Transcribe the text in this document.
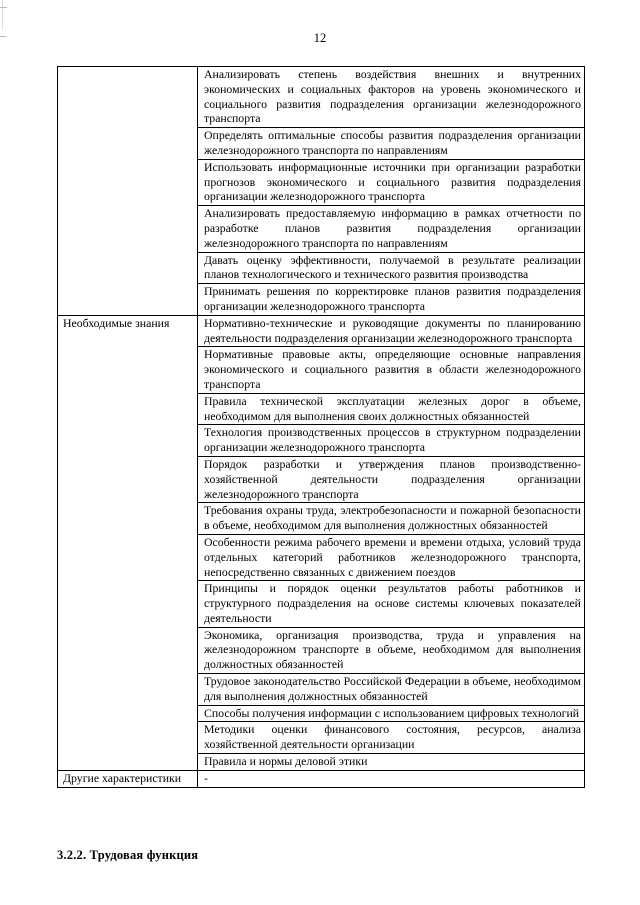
12
	Анализировать степень воздействия внешних и внутренних экономических и социальных факторов на уровень экономического и социального развития подразделения организации железнодорожного транспорта
	Определять оптимальные способы развития подразделения организации железнодорожного транспорта по направлениям
	Использовать информационные источники при организации разработки прогнозов экономического и социального развития подразделения организации железнодорожного транспорта
	Анализировать предоставляемую информацию в рамках отчетности по разработке планов развития подразделения организации железнодорожного транспорта по направлениям
	Давать оценку эффективности, получаемой в результате реализации планов технологического и технического развития производства
	Принимать решения по корректировке планов развития подразделения организации железнодорожного транспорта
Необходимые знания	Нормативно-технические и руководящие документы по планированию деятельности подразделения организации железнодорожного транспорта
	Нормативные правовые акты, определяющие основные направления экономического и социального развития в области железнодорожного транспорта
	Правила технической эксплуатации железных дорог в объеме, необходимом для выполнения своих должностных обязанностей
	Технология производственных процессов в структурном подразделении организации железнодорожного транспорта
	Порядок разработки и утверждения планов производственно-хозяйственной деятельности подразделения организации железнодорожного транспорта
	Требования охраны труда, электробезопасности и пожарной безопасности в объеме, необходимом для выполнения должностных обязанностей
	Особенности режима рабочего времени и времени отдыха, условий труда отдельных категорий работников железнодорожного транспорта, непосредственно связанных с движением поездов
	Принципы и порядок оценки результатов работы работников и структурного подразделения на основе системы ключевых показателей деятельности
	Экономика, организация производства, труда и управления на железнодорожном транспорте в объеме, необходимом для выполнения должностных обязанностей
	Трудовое законодательство Российской Федерации в объеме, необходимом для выполнения должностных обязанностей
	Способы получения информации с использованием цифровых технологий
	Методики оценки финансового состояния, ресурсов, анализа хозяйственной деятельности организации
	Правила и нормы деловой этики
Другие характеристики	-
3.2.2. Трудовая функция
